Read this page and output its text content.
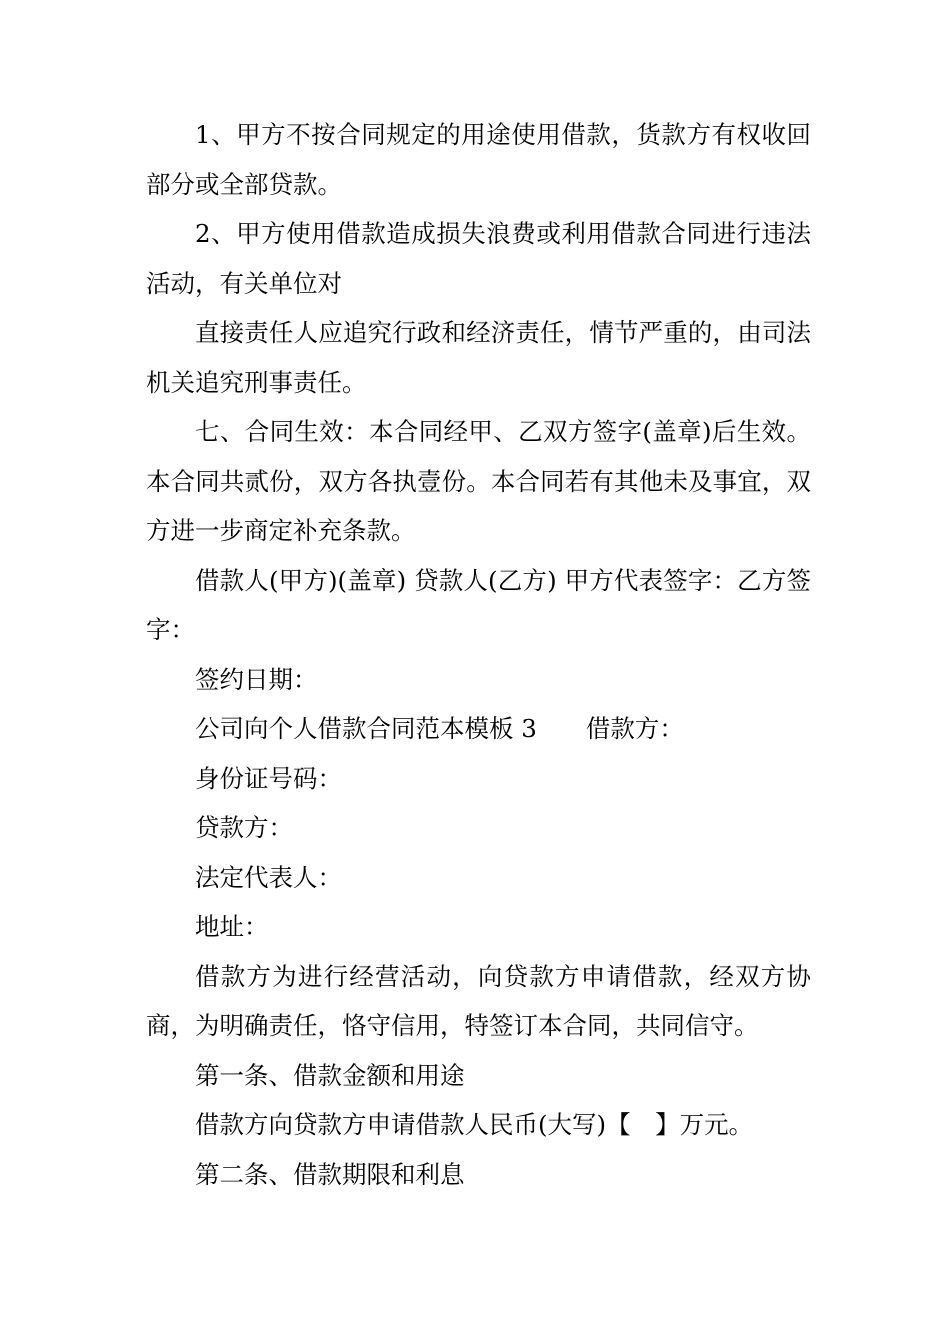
1、甲方不按合同规定的用途使用借款，货款方有权收回部分或全部贷款。

2、甲方使用借款造成损失浪费或利用借款合同进行违法活动，有关单位对

直接责任人应追究行政和经济责任，情节严重的，由司法机关追究刑事责任。

七、合同生效：本合同经甲、乙双方签字(盖章)后生效。本合同共贰份，双方各执壹份。本合同若有其他未及事宜，双方进一步商定补充条款。

借款人(甲方)(盖章) 贷款人(乙方) 甲方代表签字：乙方签字：

签约日期：

公司向个人借款合同范本模板 3　　借款方：

身份证号码：

贷款方：

法定代表人：

地址：

借款方为进行经营活动，向贷款方申请借款，经双方协商，为明确责任，恪守信用，特签订本合同，共同信守。

第一条、借款金额和用途

借款方向贷款方申请借款人民币(大写)【　】万元。

第二条、借款期限和利息
